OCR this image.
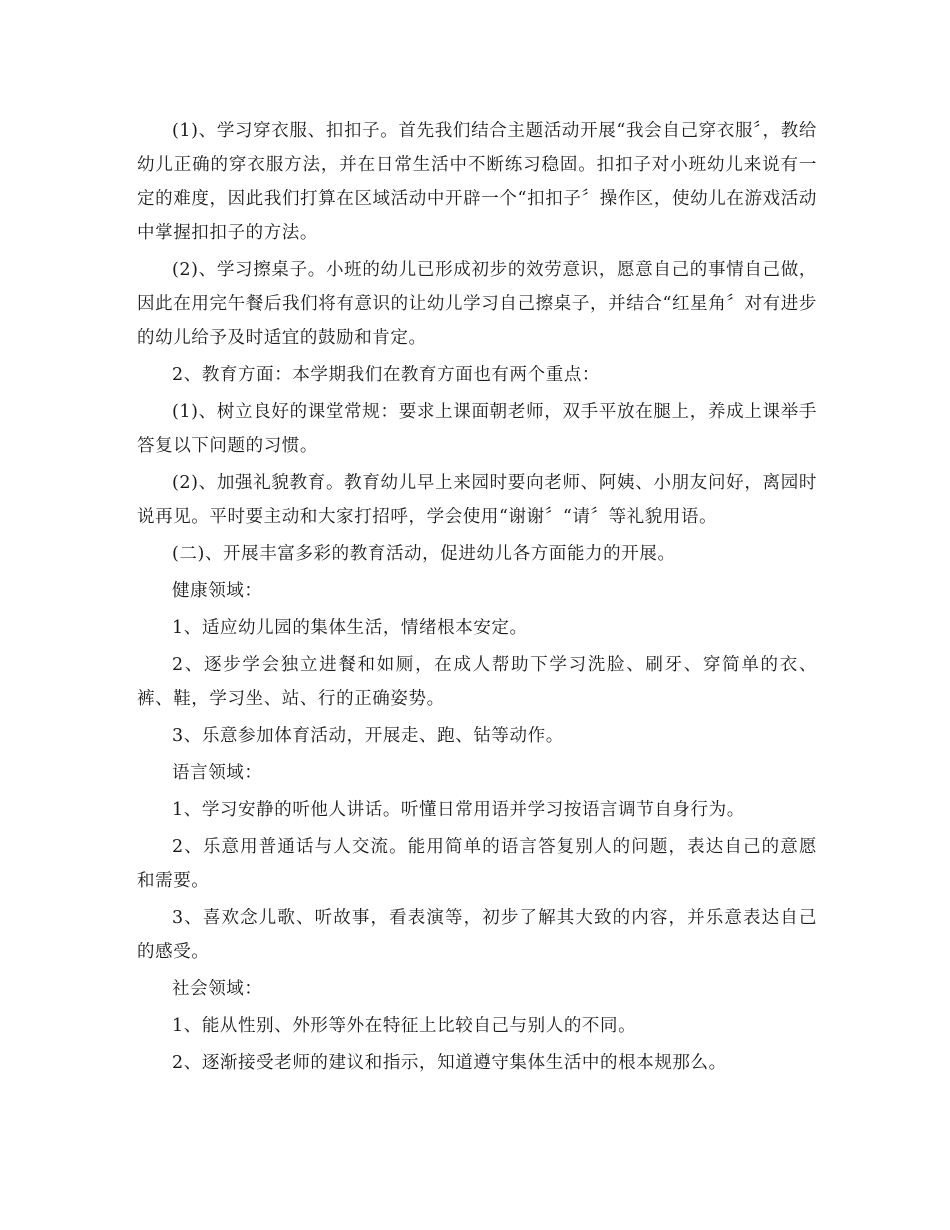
(1)、学习穿衣服、扣扣子。首先我们结合主题活动开展“我会自己穿衣服〞，教给幼儿正确的穿衣服方法，并在日常生活中不断练习稳固。扣扣子对小班幼儿来说有一定的难度，因此我们打算在区域活动中开辟一个“扣扣子〞操作区，使幼儿在游戏活动中掌握扣扣子的方法。

(2)、学习擦桌子。小班的幼儿已形成初步的效劳意识，愿意自己的事情自己做，因此在用完午餐后我们将有意识的让幼儿学习自己擦桌子，并结合“红星角〞对有进步的幼儿给予及时适宜的鼓励和肯定。

2、教育方面：本学期我们在教育方面也有两个重点：

(1)、树立良好的课堂常规：要求上课面朝老师，双手平放在腿上，养成上课举手答复以下问题的习惯。

(2)、加强礼貌教育。教育幼儿早上来园时要向老师、阿姨、小朋友问好，离园时说再见。平时要主动和大家打招呼，学会使用“谢谢〞“请〞等礼貌用语。

(二)、开展丰富多彩的教育活动，促进幼儿各方面能力的开展。

健康领域：

1、适应幼儿园的集体生活，情绪根本安定。

2、逐步学会独立进餐和如厕，在成人帮助下学习洗脸、刷牙、穿简单的衣、裤、鞋，学习坐、站、行的正确姿势。

3、乐意参加体育活动，开展走、跑、钻等动作。

语言领域：

1、学习安静的听他人讲话。听懂日常用语并学习按语言调节自身行为。

2、乐意用普通话与人交流。能用简单的语言答复别人的问题，表达自己的意愿和需要。

3、喜欢念儿歌、听故事，看表演等，初步了解其大致的内容，并乐意表达自己的感受。

社会领域：

1、能从性别、外形等外在特征上比较自己与别人的不同。

2、逐渐接受老师的建议和指示，知道遵守集体生活中的根本规那么。
